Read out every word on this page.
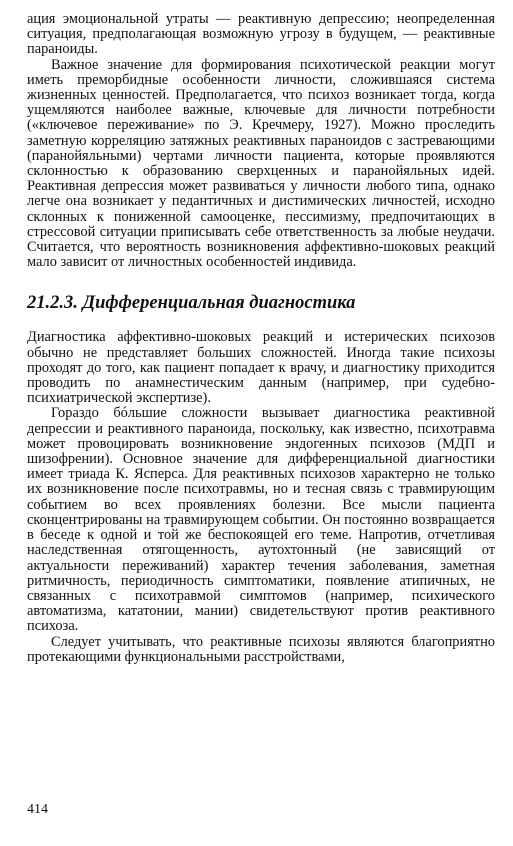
ация эмоциональной утраты — реактивную депрессию; неопределенная ситуация, предполагающая возможную угрозу в будущем, — реактивные параноиды.

Важное значение для формирования психотической реакции могут иметь преморбидные особенности личности, сложившаяся система жизненных ценностей. Предполагается, что психоз возникает тогда, когда ущемляются наиболее важные, ключевые для личности потребности («ключевое переживание» по Э. Кречмеру, 1927). Можно проследить заметную корреляцию затяжных реактивных параноидов с застревающими (паранойяльными) чертами личности пациента, которые проявляются склонностью к образованию сверхценных и паранойяльных идей. Реактивная депрессия может развиваться у личности любого типа, однако легче она возникает у педантичных и дистимических личностей, исходно склонных к пониженной самооценке, пессимизму, предпочитающих в стрессовой ситуации приписывать себе ответственность за любые неудачи. Считается, что вероятность возникновения аффективно-шоковых реакций мало зависит от личностных особенностей индивида.

21.2.3. Дифференциальная диагностика

Диагностика аффективно-шоковых реакций и истерических психозов обычно не представляет больших сложностей. Иногда такие психозы проходят до того, как пациент попадает к врачу, и диагностику приходится проводить по анамнестическим данным (например, при судебно-психиатрической экспертизе).

Гораздо бóльшие сложности вызывает диагностика реактивной депрессии и реактивного параноида, поскольку, как известно, психотравма может провоцировать возникновение эндогенных психозов (МДП и шизофрении). Основное значение для дифференциальной диагностики имеет триада К. Ясперса. Для реактивных психозов характерно не только их возникновение после психотравмы, но и тесная связь с травмирующим событием во всех проявлениях болезни. Все мысли пациента сконцентрированы на травмирующем событии. Он постоянно возвращается в беседе к одной и той же беспокоящей его теме. Напротив, отчетливая наследственная отягощенность, аутохтонный (не зависящий от актуальности переживаний) характер течения заболевания, заметная ритмичность, периодичность симптоматики, появление атипичных, не связанных с психотравмой симптомов (например, психического автоматизма, кататонии, мании) свидетельствуют против реактивного психоза.

Следует учитывать, что реактивные психозы являются благоприятно протекающими функциональными расстройствами,

414
